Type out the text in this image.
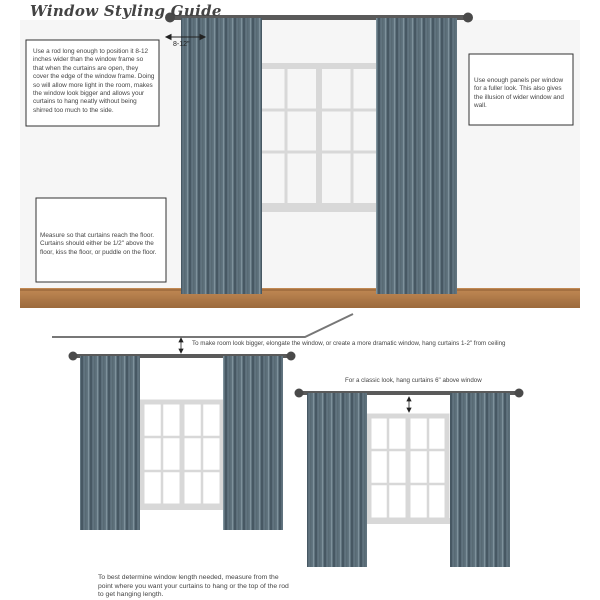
Window Styling Guide
8-12"
Use a rod long enough to position it 8-12 inches wider than the window frame so that when the curtains are open, they cover the edge of the window frame. Doing so will allow more light in the room, makes the window look bigger and allows your curtains to hang neatly without being shirred too much to the side.
Use enough panels per window for a fuller look. This also gives the illusion of wider window and wall.
Measure so that curtains reach the floor. Curtains should either be 1/2" above the floor, kiss the floor, or puddle on the floor.
To make room look bigger, elongate the window, or create a more dramatic window, hang curtains 1-2" from ceiling
For a classic look, hang curtains 6" above window
To best determine window length needed, measure from the point where you want your curtains to hang or the top of the rod to get hanging length.
